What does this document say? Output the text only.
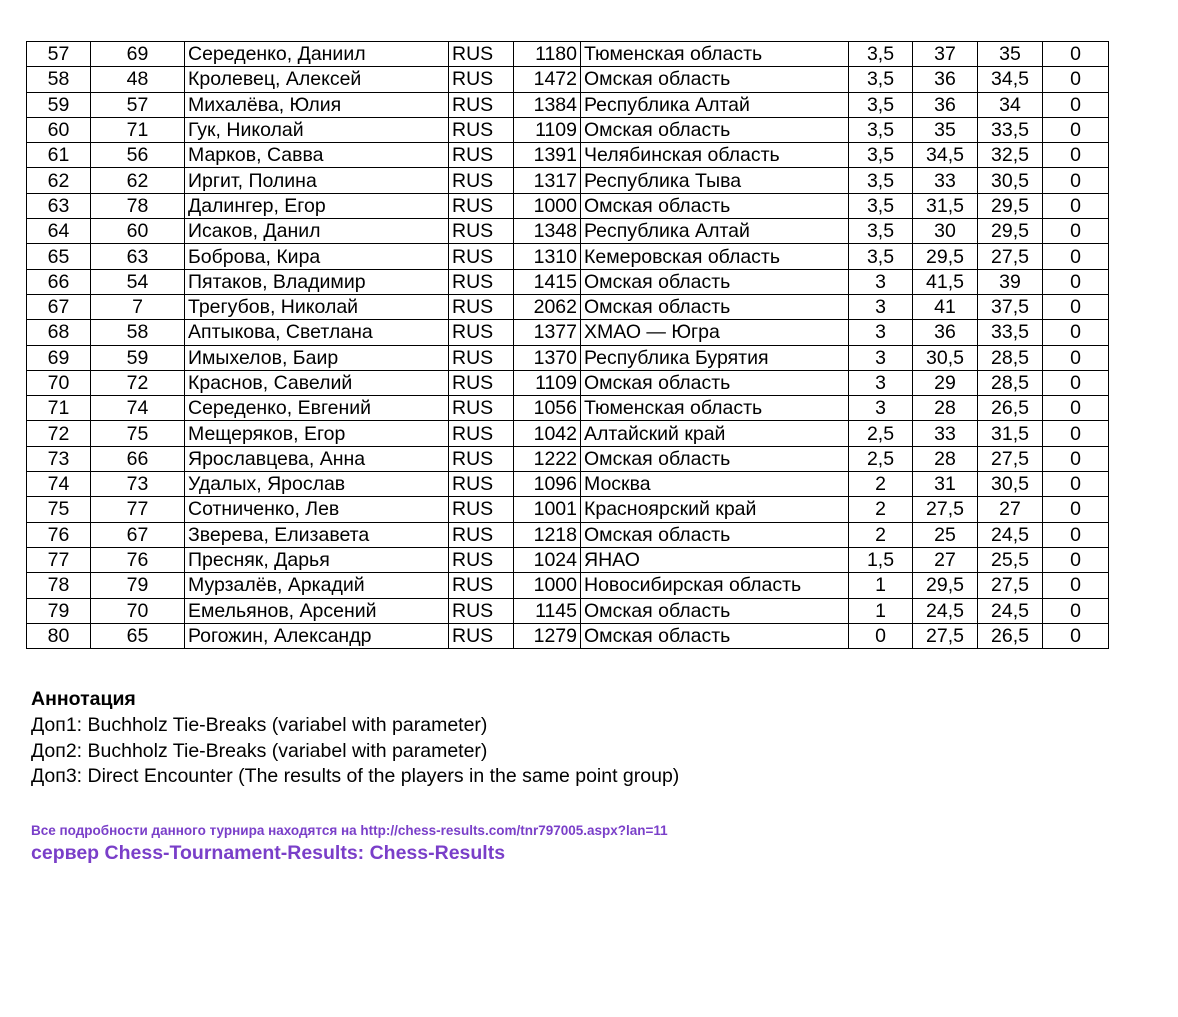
57	69	Середенко, Даниил	RUS	1180	Тюменская область	3,5	37	35	0
58	48	Кролевец, Алексей	RUS	1472	Омская область	3,5	36	34,5	0
59	57	Михалёва, Юлия	RUS	1384	Республика Алтай	3,5	36	34	0
60	71	Гук, Николай	RUS	1109	Омская область	3,5	35	33,5	0
61	56	Марков, Савва	RUS	1391	Челябинская область	3,5	34,5	32,5	0
62	62	Иргит, Полина	RUS	1317	Республика Тыва	3,5	33	30,5	0
63	78	Далингер, Егор	RUS	1000	Омская область	3,5	31,5	29,5	0
64	60	Исаков, Данил	RUS	1348	Республика Алтай	3,5	30	29,5	0
65	63	Боброва, Кира	RUS	1310	Кемеровская область	3,5	29,5	27,5	0
66	54	Пятаков, Владимир	RUS	1415	Омская область	3	41,5	39	0
67	7	Трегубов, Николай	RUS	2062	Омская область	3	41	37,5	0
68	58	Аптыкова, Светлана	RUS	1377	ХМАО — Югра	3	36	33,5	0
69	59	Имыхелов, Баир	RUS	1370	Республика Бурятия	3	30,5	28,5	0
70	72	Краснов, Савелий	RUS	1109	Омская область	3	29	28,5	0
71	74	Середенко, Евгений	RUS	1056	Тюменская область	3	28	26,5	0
72	75	Мещеряков, Егор	RUS	1042	Алтайский край	2,5	33	31,5	0
73	66	Ярославцева, Анна	RUS	1222	Омская область	2,5	28	27,5	0
74	73	Удалых, Ярослав	RUS	1096	Москва	2	31	30,5	0
75	77	Сотниченко, Лев	RUS	1001	Красноярский край	2	27,5	27	0
76	67	Зверева, Елизавета	RUS	1218	Омская область	2	25	24,5	0
77	76	Пресняк, Дарья	RUS	1024	ЯНАО	1,5	27	25,5	0
78	79	Мурзалёв, Аркадий	RUS	1000	Новосибирская область	1	29,5	27,5	0
79	70	Емельянов, Арсений	RUS	1145	Омская область	1	24,5	24,5	0
80	65	Рогожин, Александр	RUS	1279	Омская область	0	27,5	26,5	0
Аннотация
Доп1: Buchholz Tie-Breaks (variabel with parameter)
Доп2: Buchholz Tie-Breaks (variabel with parameter)
Доп3: Direct Encounter (The results of the players in the same point group)
Все подробности данного турнира находятся на http://chess-results.com/tnr797005.aspx?lan=11
сервер Chess-Tournament-Results: Chess-Results
